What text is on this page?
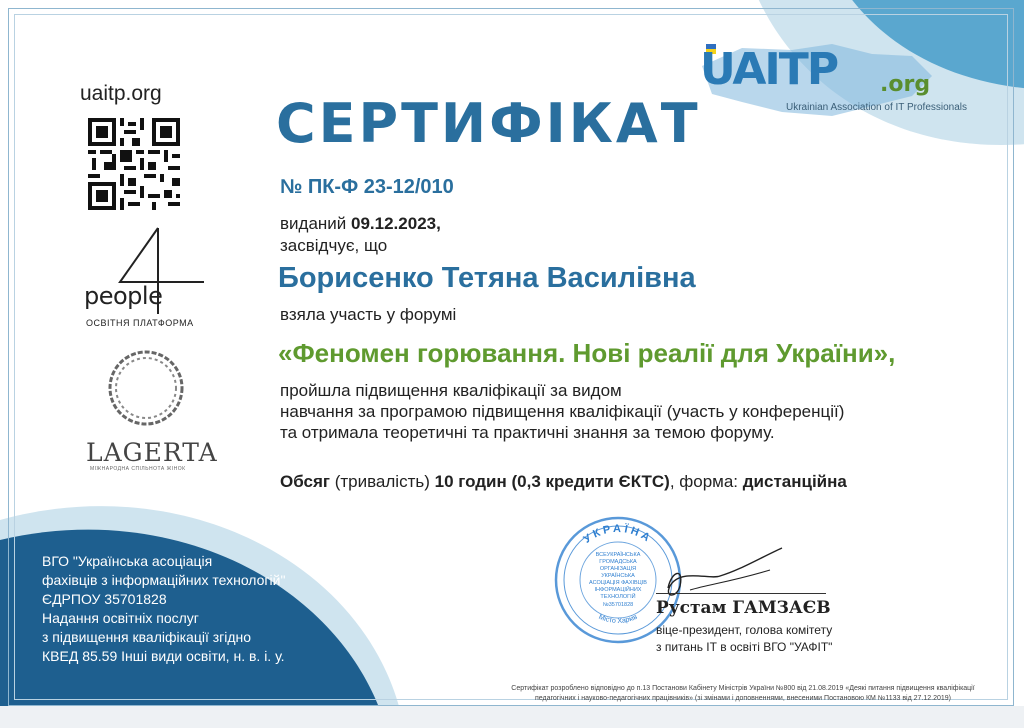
UAITP .org
Ukrainian Association of IT Professionals
uaitp.org
people
ОСВІТНЯ ПЛАТФОРМА
LAGERTA
МІЖНАРОДНА СПІЛЬНОТА ЖІНОК
СЕРТИФІКАТ
№ ПК-Ф 23-12/010
виданий 09.12.2023,
засвідчує, що
Борисенко Тетяна Василівна
взяла участь у форумі
«Феномен горювання. Нові реалії для України»,
пройшла підвищення кваліфікації за видом
навчання за програмою підвищення кваліфікації (участь у конференції)
та отримала теоретичні та практичні знання за темою форуму.
Обсяг (тривалість) 10 годин (0,3 кредити ЄКТС), форма: дистанційна
ВГО "Українська асоціація
фахівців з інформаційних технологій"
ЄДРПОУ 35701828
Надання освітніх послуг
з підвищення кваліфікації згідно
КВЕД 85.59 Інші види освіти, н. в. і. у.
УКРАЇНА
Місто Харків
ВСЕУКРАЇНСЬКА
ГРОМАДСЬКА
ОРГАНІЗАЦІЯ
УКРАЇНСЬКА
АСОЦІАЦІЯ ФАХІВЦІВ
ІНФОРМАЦІЙНИХ
ТЕХНОЛОГІЙ
№35701828 Рустам ГАМЗАЄВ
віце-президент, голова комітету
з питань ІТ в освіті ВГО "УАФІТ"
Сертифікат розроблено відповідно до п.13 Постанови Кабінету Міністрів України №800 від 21.08.2019 «Деякі питання підвищення кваліфікації
педагогічних і науково-педагогічних працівників» (зі змінами і доповненнями, внесеними Постановою КМ №1133 від 27.12.2019)
